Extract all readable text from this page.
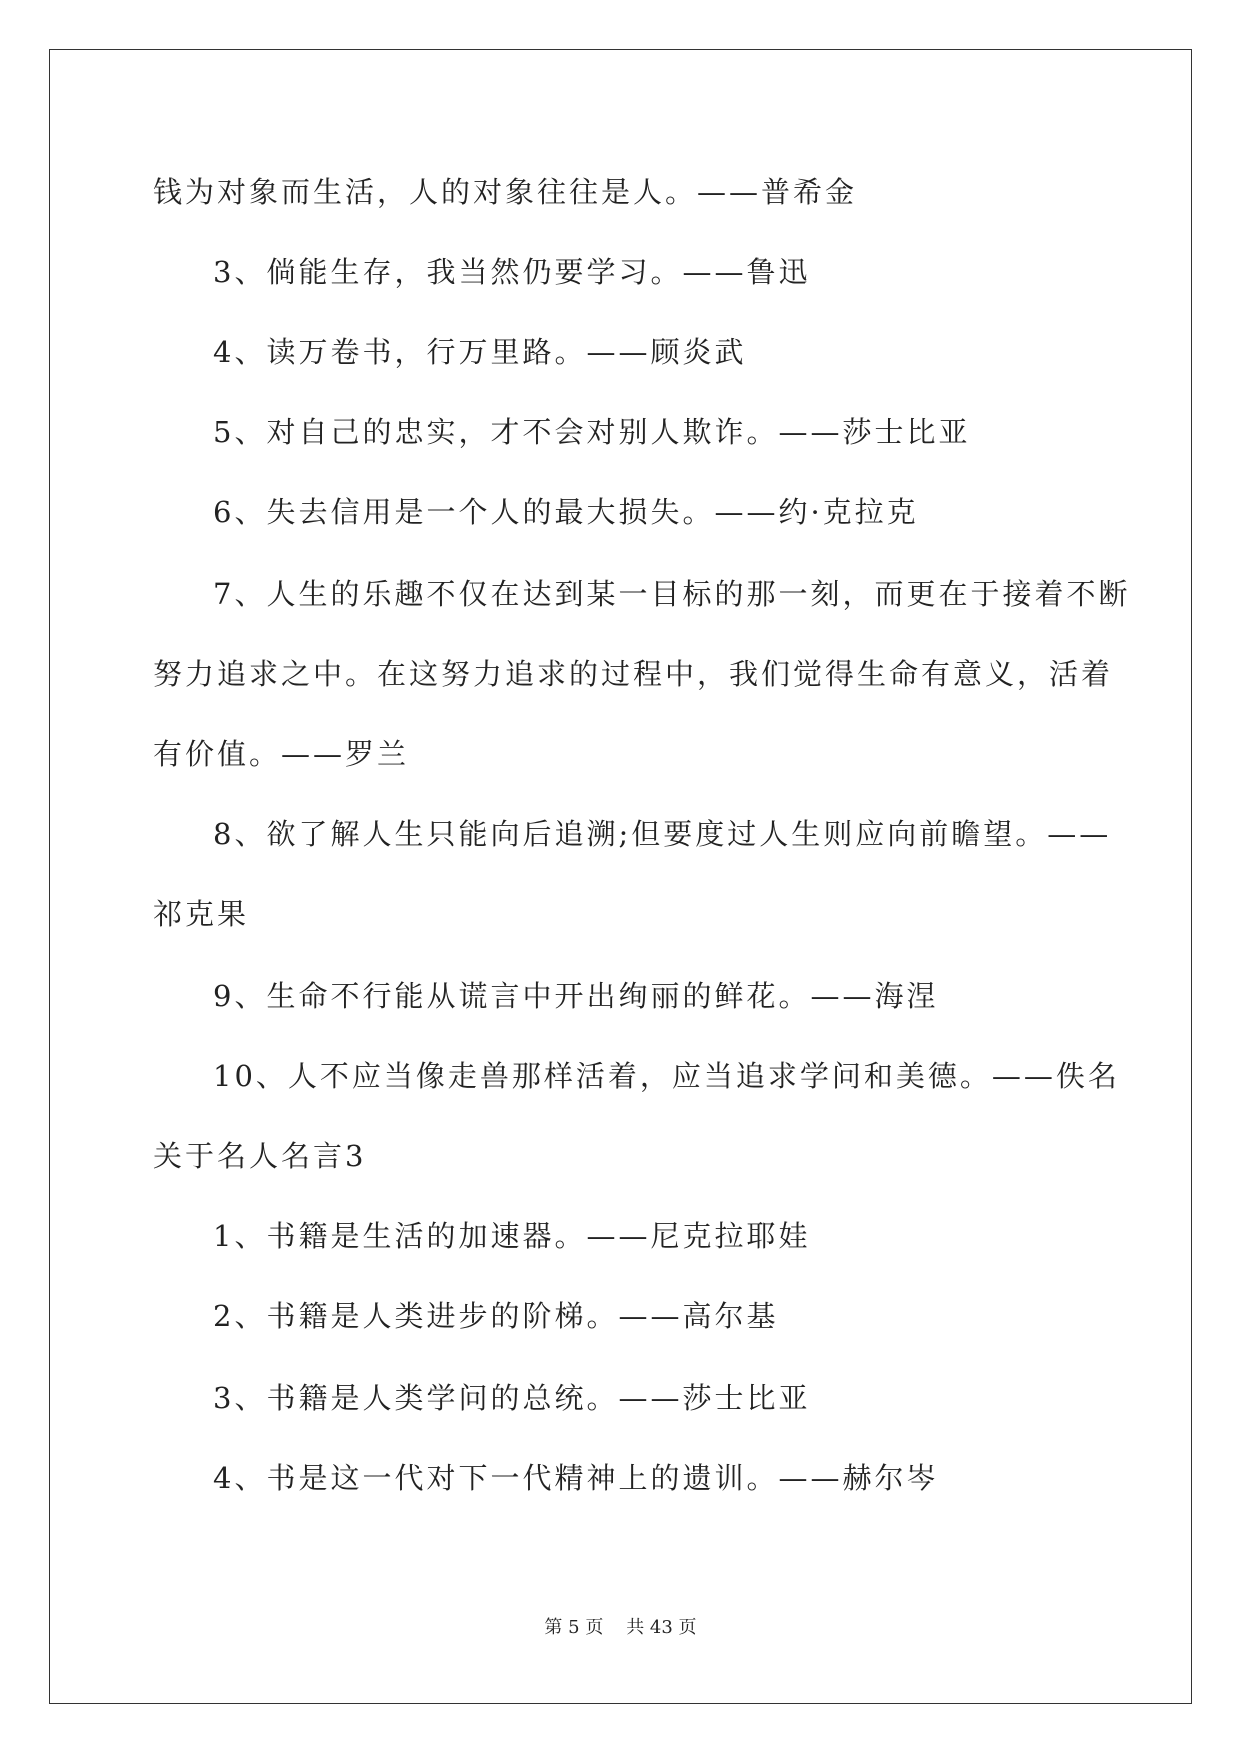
钱为对象而生活，人的对象往往是人。——普希金
3、倘能生存，我当然仍要学习。——鲁迅
4、读万卷书，行万里路。——顾炎武
5、对自己的忠实，才不会对别人欺诈。——莎士比亚
6、失去信用是一个人的最大损失。——约·克拉克
7、人生的乐趣不仅在达到某一目标的那一刻，而更在于接着不断
努力追求之中。在这努力追求的过程中，我们觉得生命有意义，活着
有价值。——罗兰
8、欲了解人生只能向后追溯;但要度过人生则应向前瞻望。——
祁克果
9、生命不行能从谎言中开出绚丽的鲜花。——海涅
10、人不应当像走兽那样活着，应当追求学问和美德。——佚名
关于名人名言3
1、书籍是生活的加速器。——尼克拉耶娃
2、书籍是人类进步的阶梯。——高尔基
3、书籍是人类学问的总统。——莎士比亚
4、书是这一代对下一代精神上的遗训。——赫尔岑
第 5 页    共 43 页
